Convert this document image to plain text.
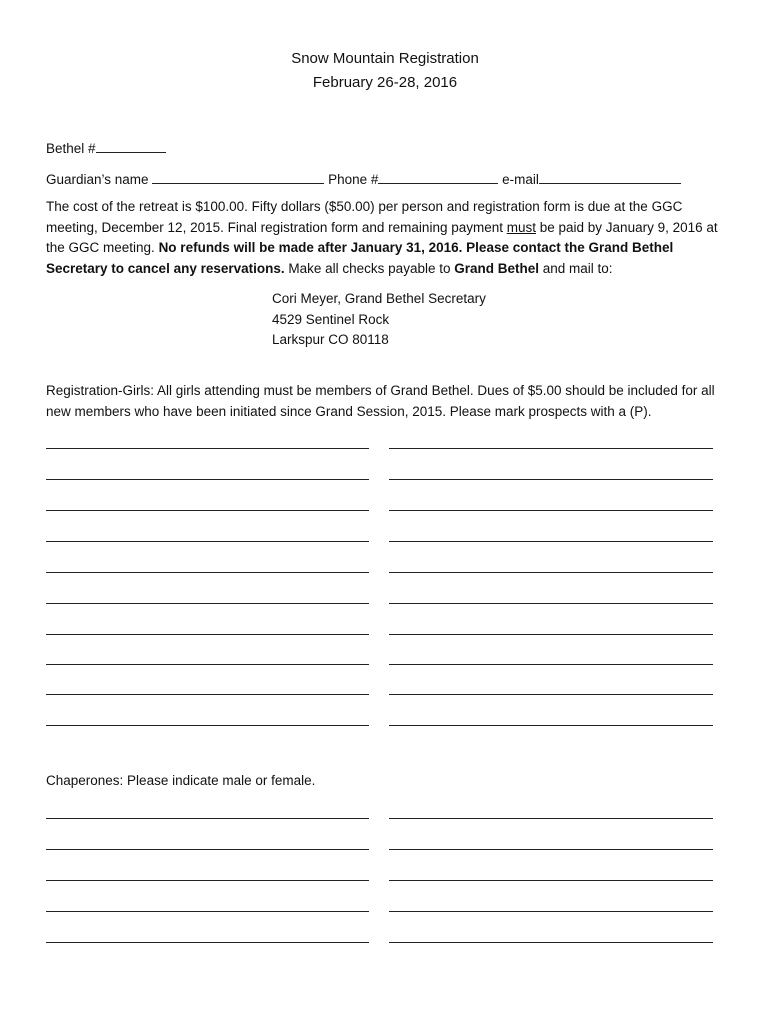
Snow Mountain Registration
February 26-28, 2016
Bethel #
Guardian’s name	Phone #	e-mail
The cost of the retreat is $100.00. Fifty dollars ($50.00) per person and registration form is due at the GGC meeting, December 12, 2015. Final registration form and remaining payment must be paid by January 9, 2016 at the GGC meeting. No refunds will be made after January 31, 2016. Please contact the Grand Bethel Secretary to cancel any reservations. Make all checks payable to Grand Bethel and mail to:
Cori Meyer, Grand Bethel Secretary
4529 Sentinel Rock
Larkspur CO 80118
Registration-Girls: All girls attending must be members of Grand Bethel. Dues of $5.00 should be included for all new members who have been initiated since Grand Session, 2015. Please mark prospects with a (P).
Chaperones: Please indicate male or female.
